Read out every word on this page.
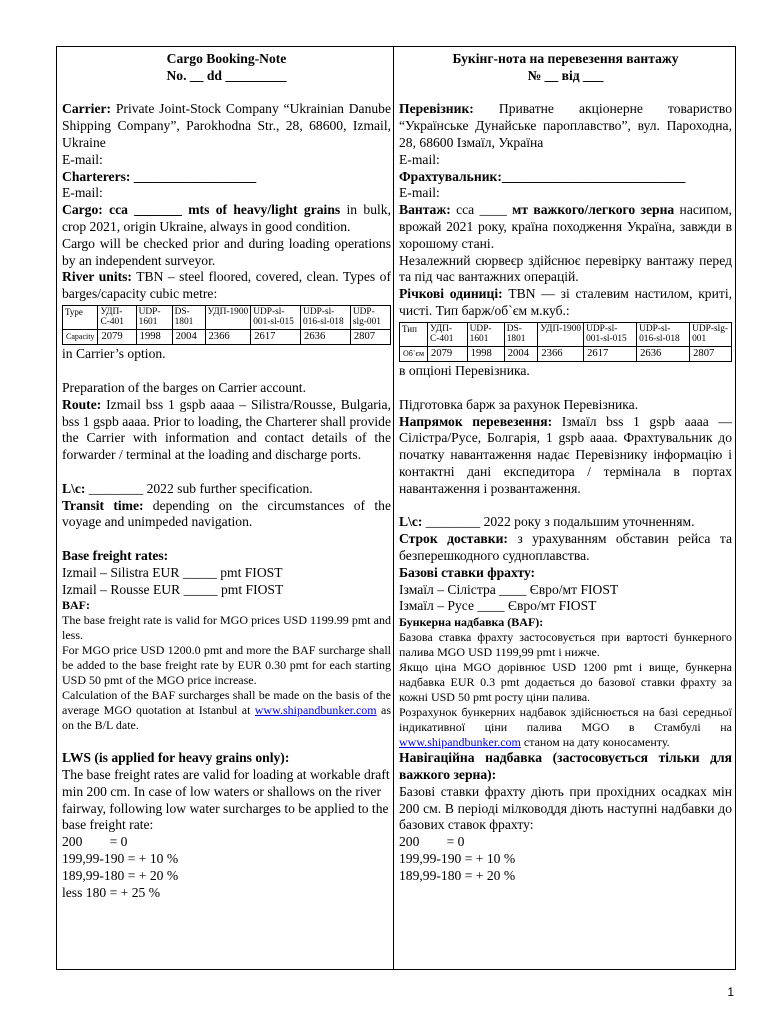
Cargo Booking-Note

No. __ dd _________

Carrier: Private Joint-Stock Company “Ukrainian Danube Shipping Company”, Parokhodna Str., 28, 68600, Izmail, Ukraine

E-mail:

Charterers: __________________

E-mail:

Cargo: cca _______ mts of heavy/light grains in bulk, crop 2021, origin Ukraine, always in good condition.

Cargo will be checked prior and during loading operations by an independent surveyor.

River units: TBN – steel floored, covered, clean. Types of barges/capacity cubic metre:

Type	УДП-С-401	UDP-1601	DS-1801	УДП-1900	UDP-sl-001-sl-015	UDP-sl-016-sl-018	UDP-slg-001
Capacity	2079	1998	2004	2366	2617	2636	2807

in Carrier’s option.

Preparation of the barges on Carrier account.

Route: Izmail bss 1 gspb aaaa – Silistra/Rousse, Bulgaria, bss 1 gspb aaaa. Prior to loading, the Charterer shall provide the Carrier with information and contact details of the forwarder / terminal at the loading and discharge ports.

L\c: ________ 2022 sub further specification.

Transit time: depending on the circumstances of the voyage and unimpeded navigation.

Base freight rates:

Izmail – Silistra EUR _____ pmt FIOST

Izmail – Rousse EUR _____ pmt FIOST

BAF:

The base freight rate is valid for MGO prices USD 1199.99 pmt and less.

For MGO price USD 1200.0 pmt and more the BAF surcharge shall be added to the base freight rate by EUR 0.30 pmt for each starting USD 50 pmt of the MGO price increase.

Calculation of the BAF surcharges shall be made on the basis of the average MGO quotation at Istanbul at www.shipandbunker.com as on the B/L date.

LWS (is applied for heavy grains only):

The base freight rates are valid for loading at workable draft min 200 cm. In case of low waters or shallows on the river fairway, following low water surcharges to be applied to the base freight rate:

200        = 0

199,99-190 = + 10 %

189,99-180 = + 20 %

less 180 = + 25 %

Букінг-нота на перевезення вантажу

№ __ від ___

Перевізник: Приватне акціонерне товариство “Українське Дунайське пароплавство”, вул. Пароходна, 28, 68600 Ізмаїл, Україна

E-mail:

Фрахтувальник:___________________________

E-mail:

Вантаж: cca ____ мт важкого/легкого зерна насипом, врожай 2021 року, країна походження Україна, завжди в хорошому стані.

Незалежний сюрвеєр здійснює перевірку вантажу перед та під час вантажних операцій.

Річкові одиниці: TBN — зі сталевим настилом, криті, чисті. Тип барж/об`єм м.куб.:

Тип	УДП-С-401	UDP-1601	DS-1801	УДП-1900	UDP-sl-001-sl-015	UDP-sl-016-sl-018	UDP-slg-001
Об`єм	2079	1998	2004	2366	2617	2636	2807

в опціоні Перевізника.

Підготовка барж за рахунок Перевізника.

Напрямок перевезення: Ізмаїл bss 1 gspb aaaa — Сілістра/Русе, Болгарія, 1 gspb aaaa. Фрахтувальник до початку навантаження надає Перевізнику інформацію і контактні дані експедитора / термінала в портах навантаження і розвантаження.

L\c: ________ 2022 року з подальшим уточненням.

Строк доставки: з урахуванням обставин рейса та безперешкодного судноплавства.

Базові ставки фрахту:

Ізмаїл – Сілістра ____ Євро/мт FIOST

Ізмаїл – Русе ____ Євро/мт FIOST

Бункерна надбавка (BAF):

Базова ставка фрахту застосовується при вартості бункерного палива MGO USD 1199,99 pmt і нижче.

Якщо ціна MGO дорівнює USD 1200 pmt і вище, бункерна надбавка EUR 0.3 pmt додається до базової ставки фрахту за кожні USD 50 pmt росту ціни палива.

Розрахунок бункерних надбавок здійснюється на базі середньої індикативної ціни палива MGO в Стамбулі на www.shipandbunker.com станом на дату коносаменту.

Навігаційна надбавка (застосовується тільки для важкого зерна):

Базові ставки фрахту діють при прохідних осадках мін 200 см. В періоді мілководдя діють наступні надбавки до базових ставок фрахту:

200        = 0

199,99-190 = + 10 %

189,99-180 = + 20 %

1
